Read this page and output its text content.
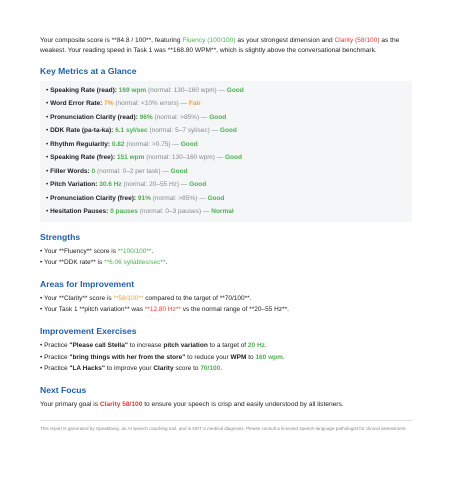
Your composite score is **84.8 / 100**, featuring Fluency (100/100) as your strongest dimension and Clarity (58/100) as the weakest. Your reading speed in Task 1 was **168.80 WPM**, which is slightly above the conversational benchmark.

Key Metrics at a Glance
• Speaking Rate (read): 169 wpm (normal: 130–160 wpm) — Good
• Word Error Rate: 7% (normal: <10% errors) — Fair
• Pronunciation Clarity (read): 96% (normal: >85%) — Good
• DDK Rate (pa-ta-ka): 6.1 syl/sec (normal: 5–7 syl/sec) — Good
• Rhythm Regularity: 0.82 (normal: >0.75) — Good
• Speaking Rate (free): 151 wpm (normal: 130–160 wpm) — Good
• Filler Words: 0 (normal: 0–2 per task) — Good
• Pitch Variation: 30.6 Hz (normal: 20–55 Hz) — Good
• Pronunciation Clarity (free): 91% (normal: >85%) — Good
• Hesitation Pauses: 0 pauses (normal: 0–3 pauses) — Normal
Strengths
• Your **Fluency** score is **100/100**.
• Your **DDK rate** is **6.06 syllables/sec**.
Areas for Improvement
• Your **Clarity** score is **58/100** compared to the target of **70/100**.
• Your Task 1 **pitch variation** was **12.80 Hz** vs the normal range of **20–55 Hz**.
Improvement Exercises
• Practice "Please call Stella" to increase pitch variation to a target of 20 Hz.
• Practice "bring things with her from the store" to reduce your WPM to 160 wpm.
• Practice "LA Hacks" to improve your Clarity score to 70/100.
Next Focus

Your primary goal is Clarity 58/100 to ensure your speech is crisp and easily understood by all listeners.

This report is generated by SpeakEasy, an AI speech coaching tool, and is NOT a medical diagnosis. Please consult a licensed speech-language pathologist for clinical assessment.
